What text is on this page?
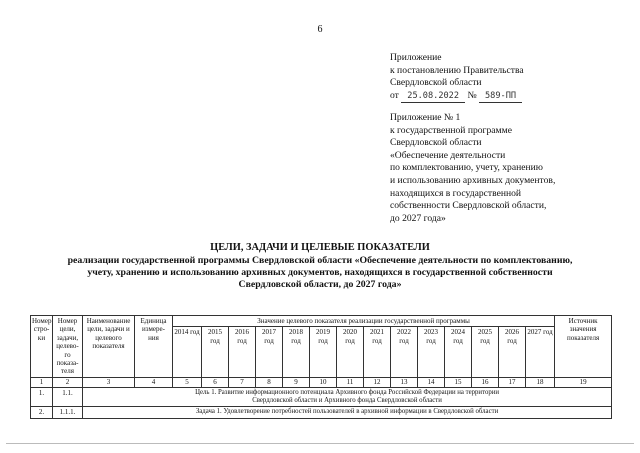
6
Приложение
к постановлению Правительства
Свердловской области
от 25.08.2022 № 589-ПП
Приложение № 1
к государственной программе
Свердловской области
«Обеспечение деятельности
по комплектованию, учету, хранению
и использованию архивных документов,
находящихся в государственной
собственности Свердловской области,
до 2027 года»
ЦЕЛИ, ЗАДАЧИ И ЦЕЛЕВЫЕ ПОКАЗАТЕЛИ
реализации государственной программы Свердловской области «Обеспечение деятельности по комплектованию,
учету, хранению и использованию архивных документов, находящихся в государственной собственности
Свердловской области, до 2027 года»
Номер стро- ки	Номер цели, задачи, целево- го показа- теля	Наименование цели, задачи и целевого показателя	Единица измере- ния	Значение целевого показателя реализации государственной программы														Источник значения показателя
				2014 год	2015 год	2016 год	2017 год	2018 год	2019 год	2020 год	2021 год	2022 год	2023 год	2024 год	2025 год	2026 год	2027 год	
1	2	3	4	5	6	7	8	9	10	11	12	13	14	15	16	17	18	19
1.	1.1.	Цель 1. Развитие информационного потенциала Архивного фонда Российской Федерации на территории
Свердловской области и Архивного фонда Свердловской области																

2.	1.1.1.	Задача 1. Удовлетворение потребностей пользователей в архивной информации в Свердловской области																
